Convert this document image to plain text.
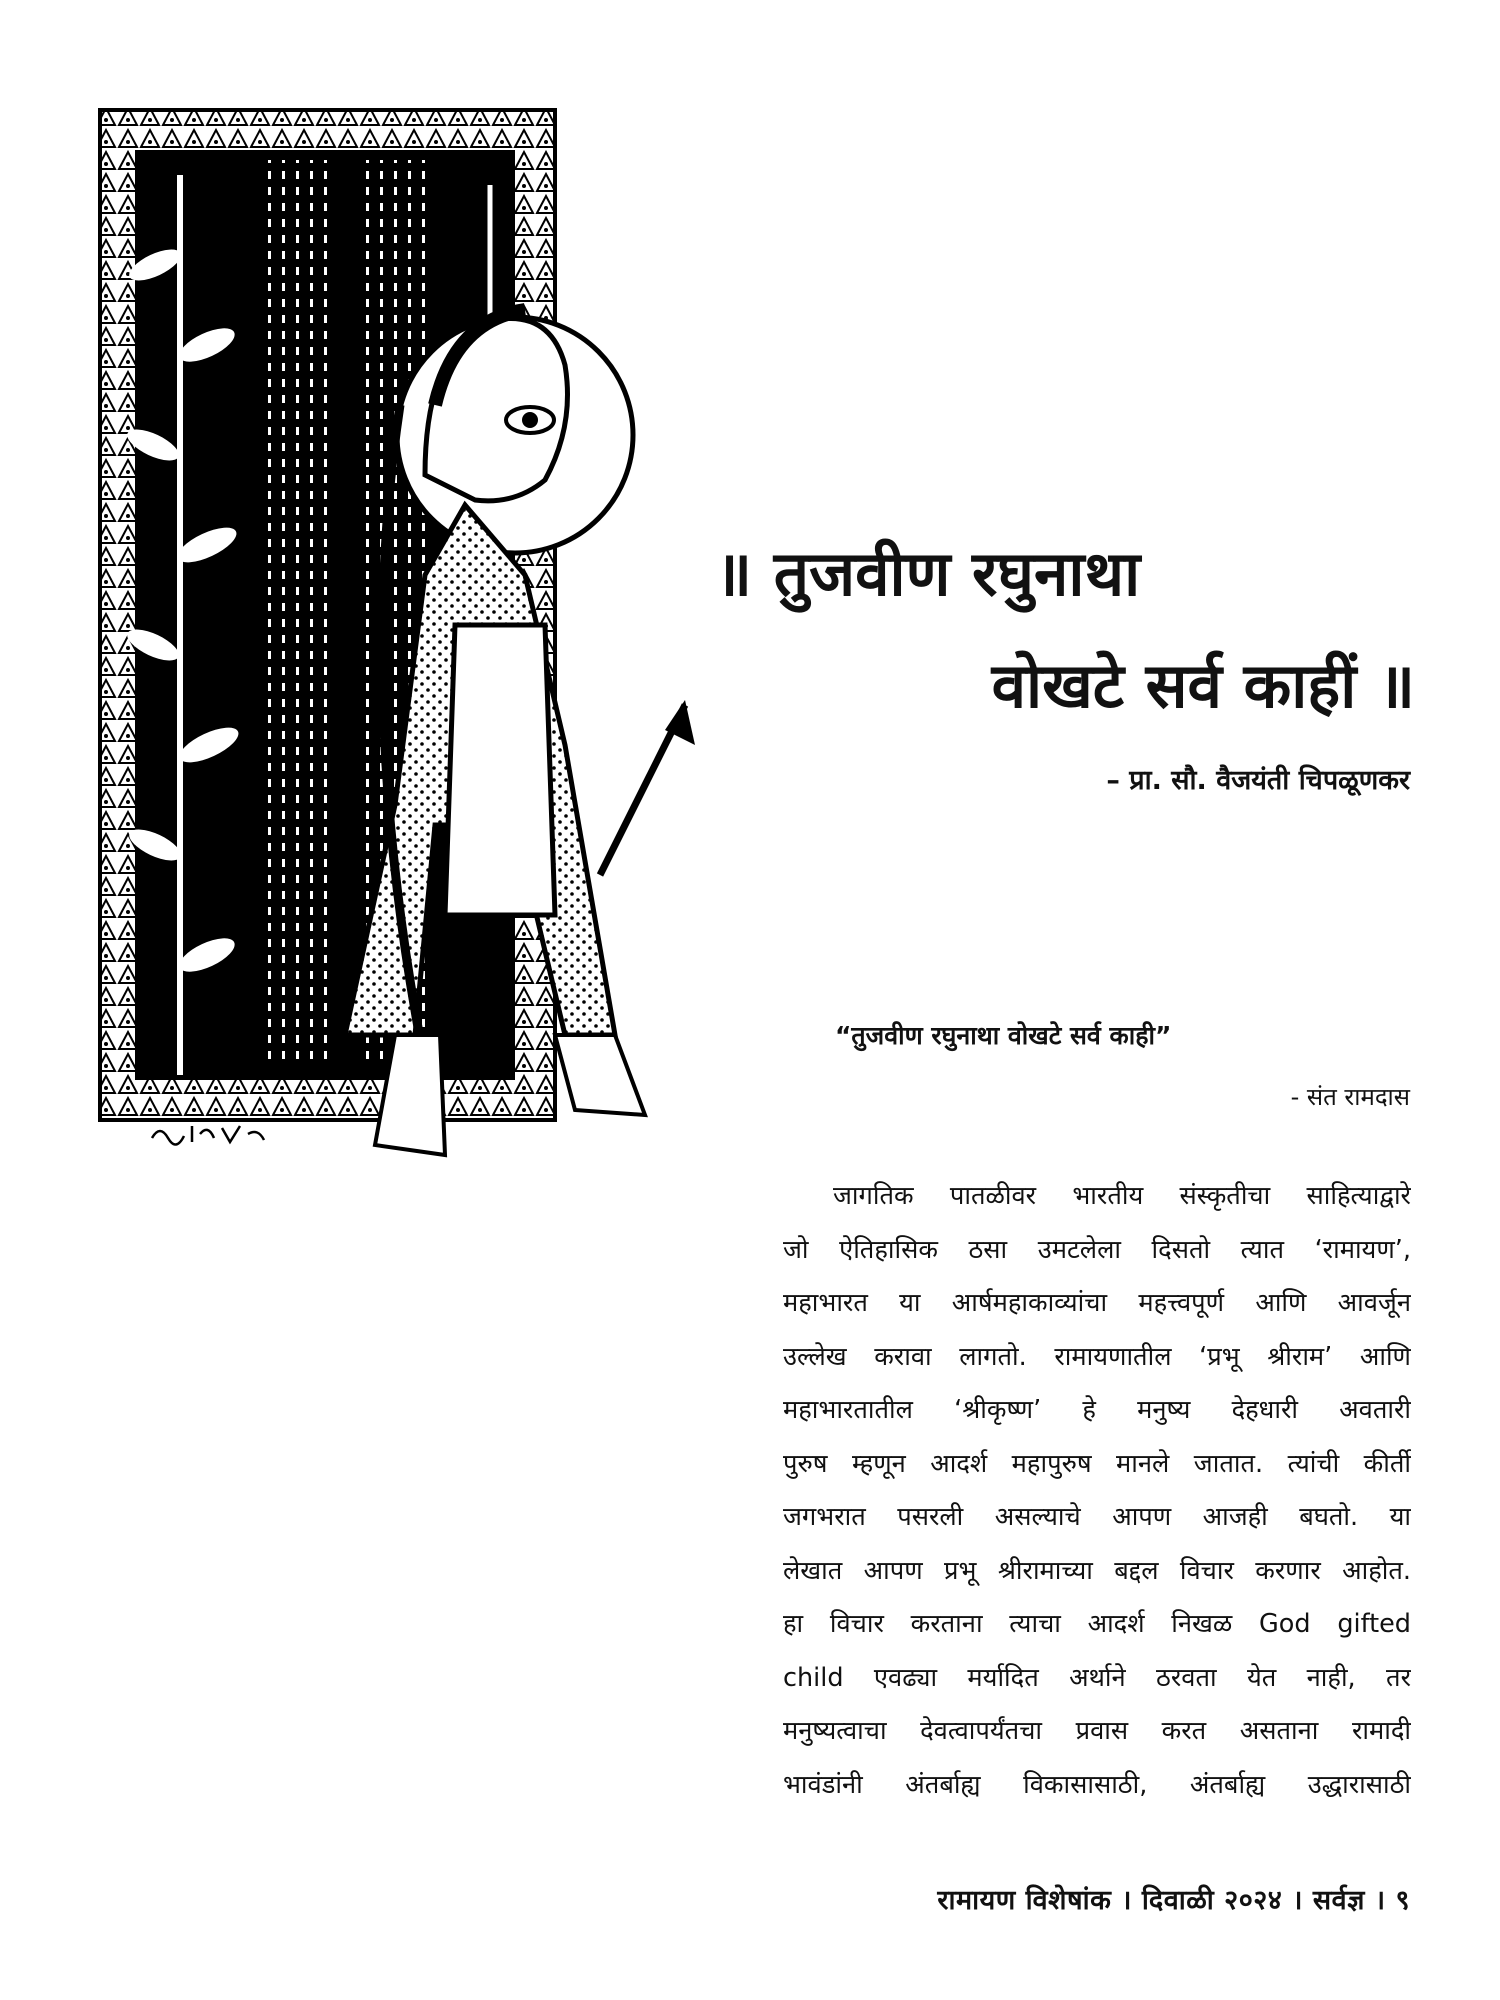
॥ तुजवीण रघुनाथा
वोखटे सर्व काहीं ॥
– प्रा. सौ. वैजयंती चिपळूणकर
“तुजवीण रघुनाथा वोखटे सर्व काही”
- संत रामदास
जागतिक पातळीवर भारतीय संस्कृतीचा साहित्याद्वारे
जो ऐतिहासिक ठसा उमटलेला दिसतो त्यात ‘रामायण’,
महाभारत या आर्षमहाकाव्यांचा महत्त्वपूर्ण आणि आवर्जून
उल्लेख करावा लागतो. रामायणातील ‘प्रभू श्रीराम’ आणि
महाभारतातील ‘श्रीकृष्ण’ हे मनुष्य देहधारी अवतारी
पुरुष म्हणून आदर्श महापुरुष मानले जातात. त्यांची कीर्ती
जगभरात पसरली असल्याचे आपण आजही बघतो. या
लेखात आपण प्रभू श्रीरामाच्या बद्दल विचार करणार आहोत.
हा विचार करताना त्याचा आदर्श निखळ God gifted
child एवढ्या मर्यादित अर्थाने ठरवता येत नाही, तर
मनुष्यत्वाचा देवत्वापर्यंतचा प्रवास करत असताना रामादी
भावंडांनी अंतर्बाह्य विकासासाठी, अंतर्बाह्य उद्धारासाठी
रामायण विशेषांक । दिवाळी २०२४ । सर्वज्ञ । ९
